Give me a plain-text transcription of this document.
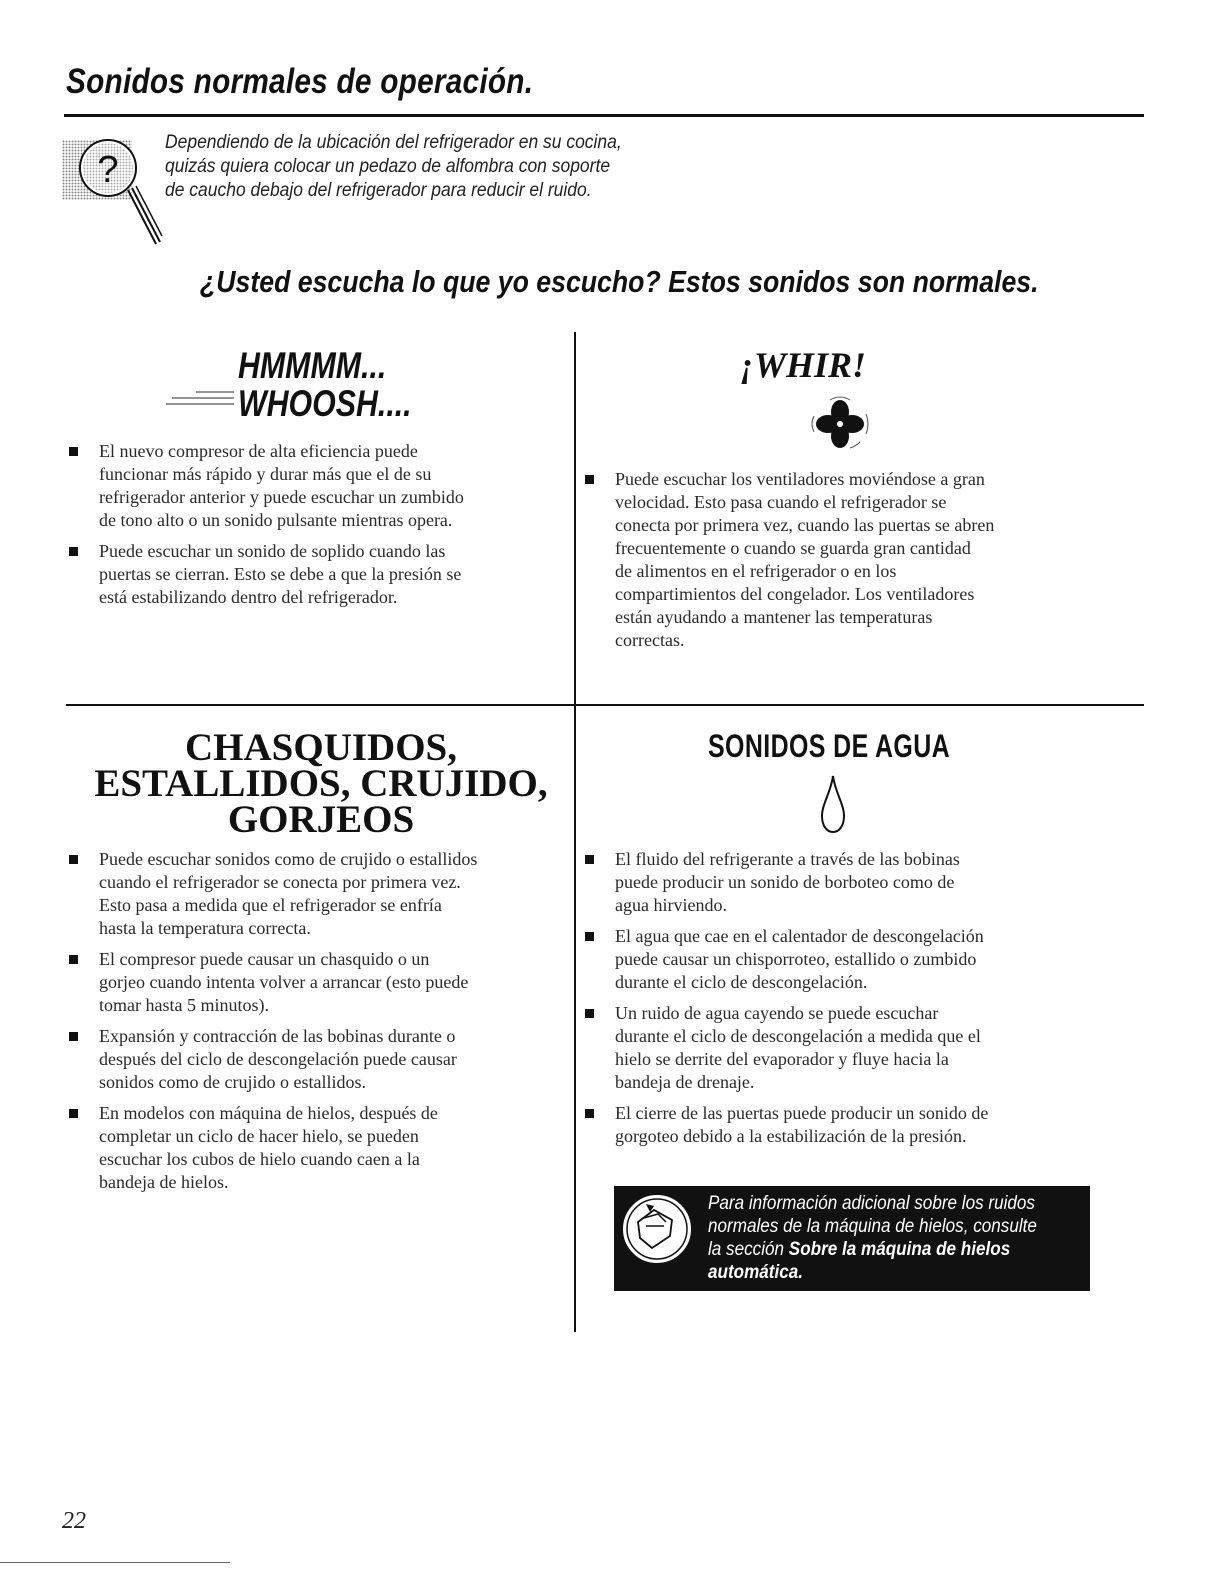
Sonidos normales de operación.
?
Dependiendo de la ubicación del refrigerador en su cocina,
quizás quiera colocar un pedazo de alfombra con soporte
de caucho debajo del refrigerador para reducir el ruido.
¿Usted escucha lo que yo escucho? Estos sonidos son normales.
HMMMM...
WHOOSH....
El nuevo compresor de alta eficiencia puede
funcionar más rápido y durar más que el de su
refrigerador anterior y puede escuchar un zumbido
de tono alto o un sonido pulsante mientras opera.
Puede escuchar un sonido de soplido cuando las
puertas se cierran. Esto se debe a que la presión se
está estabilizando dentro del refrigerador.
¡WHIR!
Puede escuchar los ventiladores moviéndose a gran
velocidad. Esto pasa cuando el refrigerador se
conecta por primera vez, cuando las puertas se abren
frecuentemente o cuando se guarda gran cantidad
de alimentos en el refrigerador o en los
compartimientos del congelador. Los ventiladores
están ayudando a mantener las temperaturas
correctas.
CHASQUIDOS,
ESTALLIDOS, CRUJIDO,
GORJEOS
Puede escuchar sonidos como de crujido o estallidos
cuando el refrigerador se conecta por primera vez.
Esto pasa a medida que el refrigerador se enfría
hasta la temperatura correcta.
El compresor puede causar un chasquido o un
gorjeo cuando intenta volver a arrancar (esto puede
tomar hasta 5 minutos).
Expansión y contracción de las bobinas durante o
después del ciclo de descongelación puede causar
sonidos como de crujido o estallidos.
En modelos con máquina de hielos, después de
completar un ciclo de hacer hielo, se pueden
escuchar los cubos de hielo cuando caen a la
bandeja de hielos.
SONIDOS DE AGUA
El fluido del refrigerante a través de las bobinas
puede producir un sonido de borboteo como de
agua hirviendo.
El agua que cae en el calentador de descongelación
puede causar un chisporroteo, estallido o zumbido
durante el ciclo de descongelación.
Un ruido de agua cayendo se puede escuchar
durante el ciclo de descongelación a medida que el
hielo se derrite del evaporador y fluye hacia la
bandeja de drenaje.
El cierre de las puertas puede producir un sonido de
gorgoteo debido a la estabilización de la presión.
Para información adicional sobre los ruidos
normales de la máquina de hielos, consulte
la sección Sobre la máquina de hielos
automática.
22
